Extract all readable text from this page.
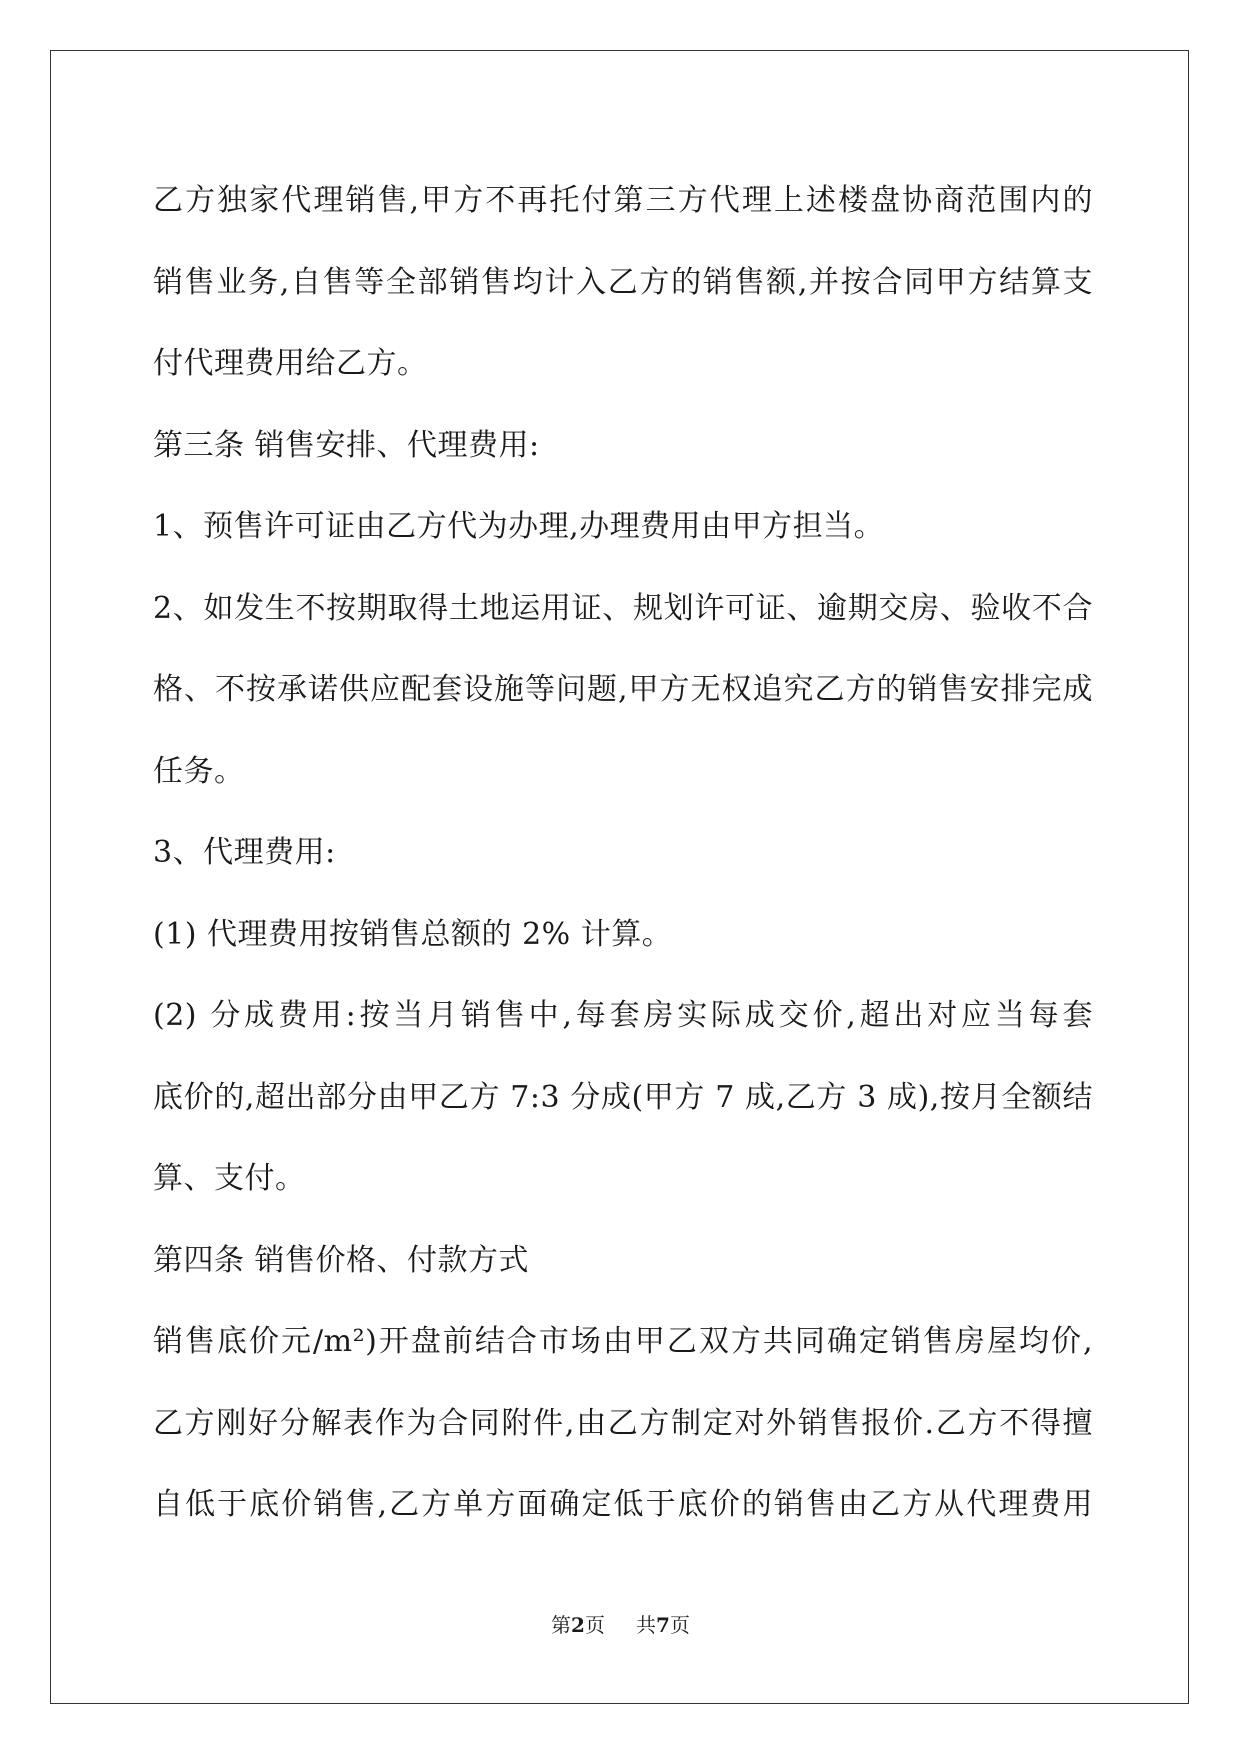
乙方独家代理销售,甲方不再托付第三方代理上述楼盘协商范围内的
销售业务,自售等全部销售均计入乙方的销售额,并按合同甲方结算支
付代理费用给乙方。
第三条 销售安排、代理费用:
1、预售许可证由乙方代为办理,办理费用由甲方担当。
2、如发生不按期取得土地运用证、规划许可证、逾期交房、验收不合
格、不按承诺供应配套设施等问题,甲方无权追究乙方的销售安排完成
任务。
3、代理费用:
(1) 代理费用按销售总额的 2% 计算。
(2) 分成费用:按当月销售中,每套房实际成交价,超出对应当每套
底价的,超出部分由甲乙方 7:3 分成(甲方 7 成,乙方 3 成),按月全额结
算、支付。
第四条 销售价格、付款方式
销售底价元/m²)开盘前结合市场由甲乙双方共同确定销售房屋均价,
乙方刚好分解表作为合同附件,由乙方制定对外销售报价.乙方不得擅
自低于底价销售,乙方单方面确定低于底价的销售由乙方从代理费用
第2页 共7页
